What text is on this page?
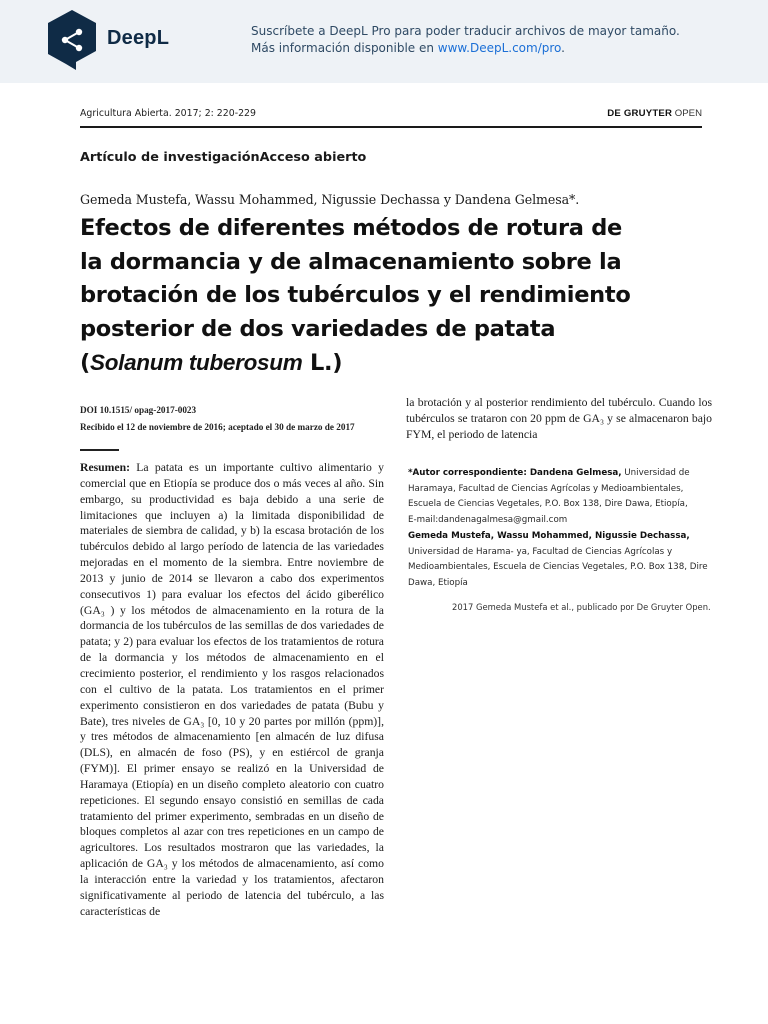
DeepL	Suscríbete a DeepL Pro para poder traducir archivos de mayor tamaño.
Más información disponible en www.DeepL.com/pro.
Agricultura Abierta. 2017; 2: 220-229	DE GRUYTER OPEN
Artículo de investigaciónAcceso abierto
Gemeda Mustefa, Wassu Mohammed, Nigussie Dechassa y Dandena Gelmesa*.
Efectos de diferentes métodos de rotura de la dormancia y de almacenamiento sobre la brotación de los tubérculos y el rendimiento posterior de dos variedades de patata (Solanum tuberosum L.)
DOI 10.1515/ opag-2017-0023
Recibido el 12 de noviembre de 2016; aceptado el 30 de marzo de 2017

Resumen: La patata es un importante cultivo alimentario y comercial que en Etiopía se produce dos o más veces al año. Sin embargo, su productividad es baja debido a una serie de limitaciones que incluyen a) la limitada disponibilidad de materiales de siembra de calidad, y b) la escasa brotación de los tubérculos debido al largo período de latencia de las variedades mejoradas en el momento de la siembra. Entre noviembre de 2013 y junio de 2014 se llevaron a cabo dos experimentos consecutivos 1) para evaluar los efectos del ácido giberélico (GA₃ ) y los métodos de almacenamiento en la rotura de la dormancia de los tubérculos de las semillas de dos variedades de patata; y 2) para evaluar los efectos de los tratamientos de rotura de la dormancia y los métodos de almacenamiento en el crecimiento posterior, el rendimiento y los rasgos relacionados con el cultivo de la patata. Los tratamientos en el primer experimento consistieron en dos variedades de patata (Bubu y Bate), tres niveles de GA₃ [0, 10 y 20 partes por millón (ppm)], y tres métodos de almacenamiento [en almacén de luz difusa (DLS), en almacén de foso (PS), y en estiércol de granja (FYM)]. El primer ensayo se realizó en la Universidad de Haramaya (Etiopía) en un diseño completo aleatorio con cuatro repeticiones. El segundo ensayo consistió en semillas de cada tratamiento del primer experimento, sembradas en un diseño de bloques completos al azar con tres repeticiones en un campo de agricultores. Los resultados mostraron que las variedades, la aplicación de GA₃ y los métodos de almacenamiento, así como la interacción entre la variedad y los tratamientos, afectaron significativamente al periodo de latencia del tubérculo, a las características de

la brotación y al posterior rendimiento del tubérculo. Cuando los tubérculos se trataron con 20 ppm de GA₃ y se almacenaron bajo FYM, el periodo de latencia

*Autor correspondiente: Dandena Gelmesa, Universidad de Haramaya, Facultad de Ciencias Agrícolas y Medioambientales, Escuela de Ciencias Vegetales, P.O. Box 138, Dire Dawa, Etiopía,
E-mail:dandenagalmesa@gmail.com
Gemeda Mustefa, Wassu Mohammed, Nigussie Dechassa, Universidad de Harama- ya, Facultad de Ciencias Agrícolas y Medioambientales, Escuela de Ciencias Vegetales, P.O. Box 138, Dire Dawa, Etiopía
2017 Gemeda Mustefa et al., publicado por De Gruyter Open.
